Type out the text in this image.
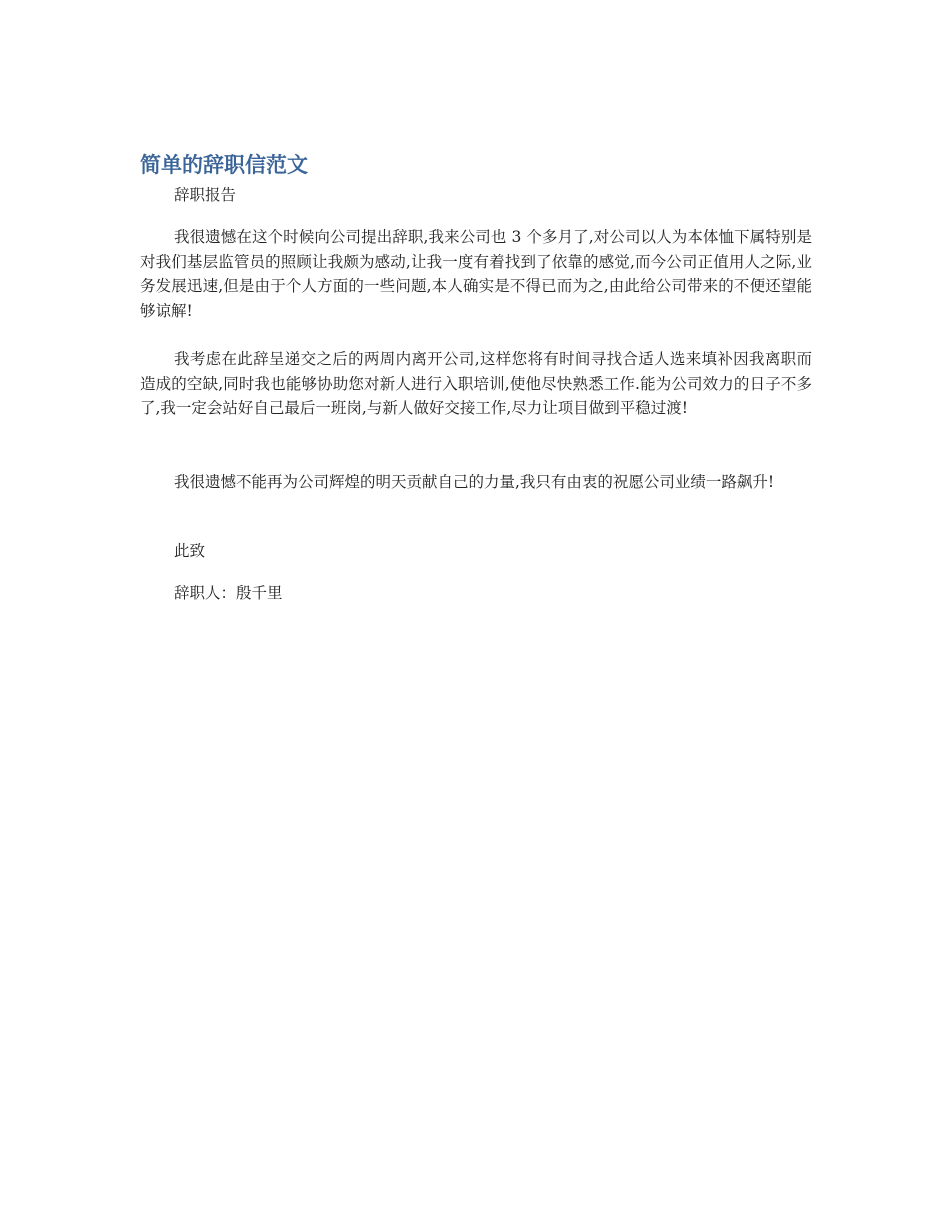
简单的辞职信范文

辞职报告

我很遗憾在这个时候向公司提出辞职,我来公司也 3 个多月了,对公司以人为本体恤下属特别是对我们基层监管员的照顾让我颇为感动,让我一度有着找到了依靠的感觉,而今公司正值用人之际,业务发展迅速,但是由于个人方面的一些问题,本人确实是不得已而为之,由此给公司带来的不便还望能够谅解!

我考虑在此辞呈递交之后的两周内离开公司,这样您将有时间寻找合适人选来填补因我离职而造成的空缺,同时我也能够协助您对新人进行入职培训,使他尽快熟悉工作.能为公司效力的日子不多了,我一定会站好自己最后一班岗,与新人做好交接工作,尽力让项目做到平稳过渡!

我很遗憾不能再为公司辉煌的明天贡献自己的力量,我只有由衷的祝愿公司业绩一路飙升!

此致

辞职人：殷千里
